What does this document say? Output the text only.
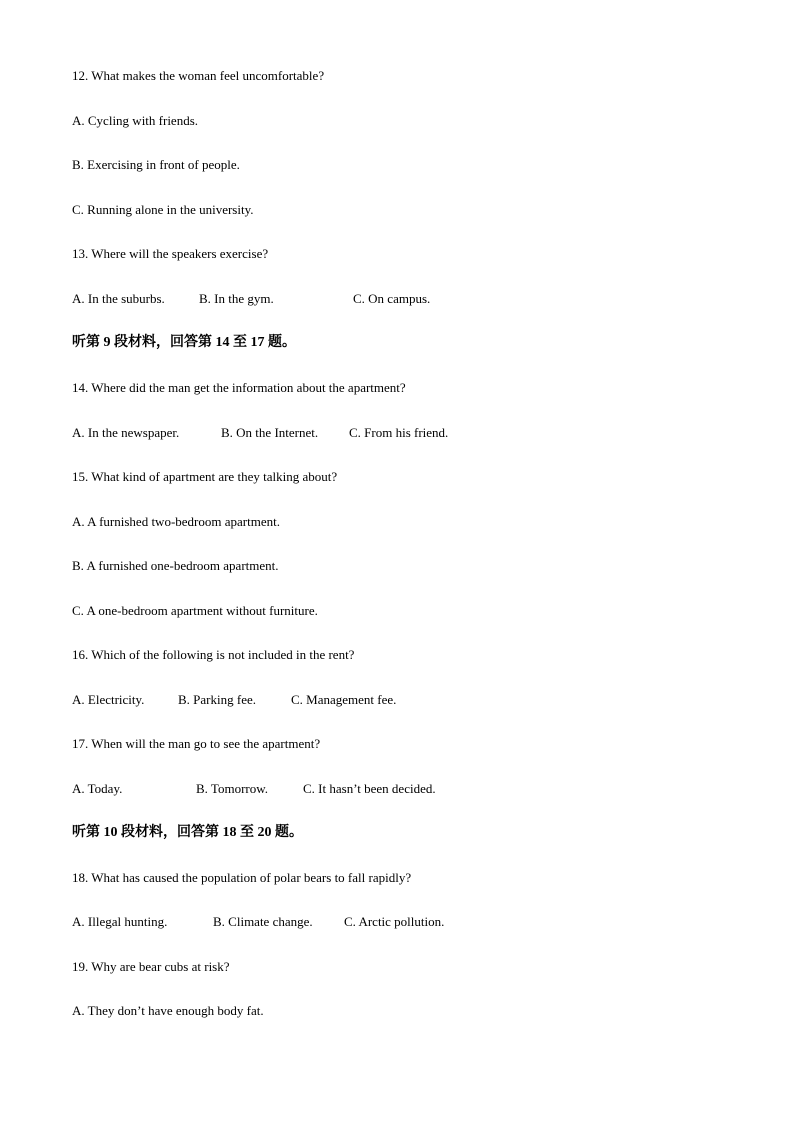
12. What makes the woman feel uncomfortable?
A. Cycling with friends.
B. Exercising in front of people.
C. Running alone in the university.
13. Where will the speakers exercise?
A. In the suburbs.	B. In the gym.	C. On campus.
听第 9 段材料，回答第 14 至 17 题。
14. Where did the man get the information about the apartment?
A. In the newspaper.	B. On the Internet. C. From his friend.
15. What kind of apartment are they talking about?
A. A furnished two-bedroom apartment.
B. A furnished one-bedroom apartment.
C. A one-bedroom apartment without furniture.
16. Which of the following is not included in the rent?
A. Electricity.	B. Parking fee.	C. Management fee.
17. When will the man go to see the apartment?
A. Today.	B. Tomorrow.	C. It hasn’t been decided.
听第 10 段材料，回答第 18 至 20 题。
18. What has caused the population of polar bears to fall rapidly?
A. Illegal hunting.	B. Climate change. C. Arctic pollution.
19. Why are bear cubs at risk?
A. They don’t have enough body fat.
